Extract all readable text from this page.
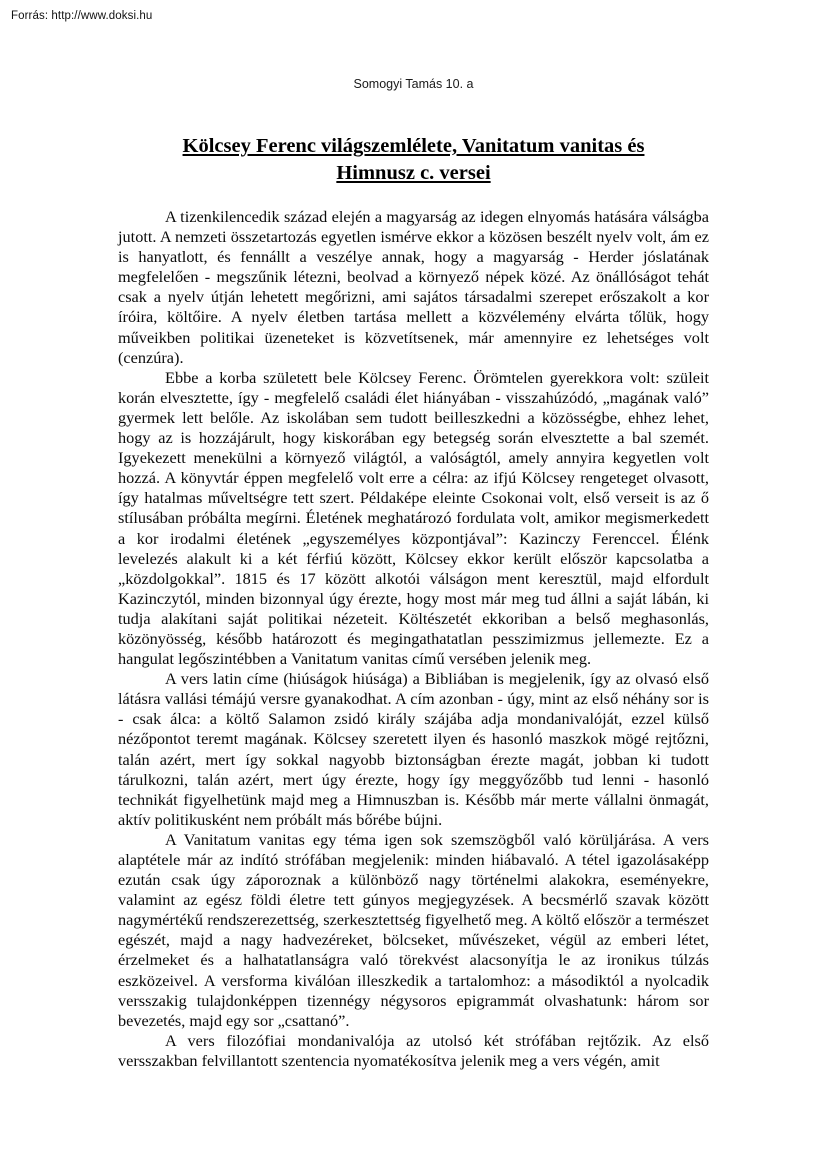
Forrás: http://www.doksi.hu
Somogyi Tamás 10. a
Kölcsey Ferenc világszemlélete, Vanitatum vanitas és
Himnusz c. versei

A tizenkilencedik század elején a magyarság az idegen elnyomás hatására válságba jutott. A nemzeti összetartozás egyetlen ismérve ekkor a közösen beszélt nyelv volt, ám ez is hanyatlott, és fennállt a veszélye annak, hogy a magyarság - Herder jóslatának megfelelően - megszűnik létezni, beolvad a környező népek közé. Az önállóságot tehát csak a nyelv útján lehetett megőrizni, ami sajátos társadalmi szerepet erőszakolt a kor íróira, költőire. A nyelv életben tartása mellett a közvélemény elvárta tőlük, hogy műveikben politikai üzeneteket is közvetítsenek, már amennyire ez lehetséges volt (cenzúra).

Ebbe a korba született bele Kölcsey Ferenc. Örömtelen gyerekkora volt: szüleit korán elvesztette, így - megfelelő családi élet hiányában - visszahúzódó, „magának való” gyermek lett belőle. Az iskolában sem tudott beilleszkedni a közösségbe, ehhez lehet, hogy az is hozzájárult, hogy kiskorában egy betegség során elvesztette a bal szemét. Igyekezett menekülni a környező világtól, a valóságtól, amely annyira kegyetlen volt hozzá. A könyvtár éppen megfelelő volt erre a célra: az ifjú Kölcsey rengeteget olvasott, így hatalmas műveltségre tett szert. Példaképe eleinte Csokonai volt, első verseit is az ő stílusában próbálta megírni. Életének meghatározó fordulata volt, amikor megismerkedett a kor irodalmi életének „egyszemélyes központjával”: Kazinczy Ferenccel. Élénk levelezés alakult ki a két férfiú között, Kölcsey ekkor került először kapcsolatba a „közdolgokkal”. 1815 és 17 között alkotói válságon ment keresztül, majd elfordult Kazinczytól, minden bizonnyal úgy érezte, hogy most már meg tud állni a saját lábán, ki tudja alakítani saját politikai nézeteit. Költészetét ekkoriban a belső meghasonlás, közönyösség, később határozott és megingathatatlan pesszimizmus jellemezte. Ez a hangulat legőszintébben a Vanitatum vanitas című versében jelenik meg.

A vers latin címe (hiúságok hiúsága) a Bibliában is megjelenik, így az olvasó első látásra vallási témájú versre gyanakodhat. A cím azonban - úgy, mint az első néhány sor is - csak álca: a költő Salamon zsidó király szájába adja mondanivalóját, ezzel külső nézőpontot teremt magának. Kölcsey szeretett ilyen és hasonló maszkok mögé rejtőzni, talán azért, mert így sokkal nagyobb biztonságban érezte magát, jobban ki tudott tárulkozni, talán azért, mert úgy érezte, hogy így meggyőzőbb tud lenni - hasonló technikát figyelhetünk majd meg a Himnuszban is. Később már merte vállalni önmagát, aktív politikusként nem próbált más bőrébe bújni.

A Vanitatum vanitas egy téma igen sok szemszögből való körüljárása. A vers alaptétele már az indító strófában megjelenik: minden hiábavaló. A tétel igazolásaképp ezután csak úgy záporoznak a különböző nagy történelmi alakokra, eseményekre, valamint az egész földi életre tett gúnyos megjegyzések. A becsmérlő szavak között nagymértékű rendszerezettség, szerkesztettség figyelhető meg. A költő először a természet egészét, majd a nagy hadvezéreket, bölcseket, művészeket, végül az emberi létet, érzelmeket és a halhatatlanságra való törekvést alacsonyítja le az ironikus túlzás eszközeivel. A versforma kiválóan illeszkedik a tartalomhoz: a másodiktól a nyolcadik versszakig tulajdonképpen tizennégy négysoros epigrammát olvashatunk: három sor bevezetés, majd egy sor „csattanó”.

A vers filozófiai mondanivalója az utolsó két strófában rejtőzik. Az első versszakban felvillantott szentencia nyomatékosítva jelenik meg a vers végén, amit
